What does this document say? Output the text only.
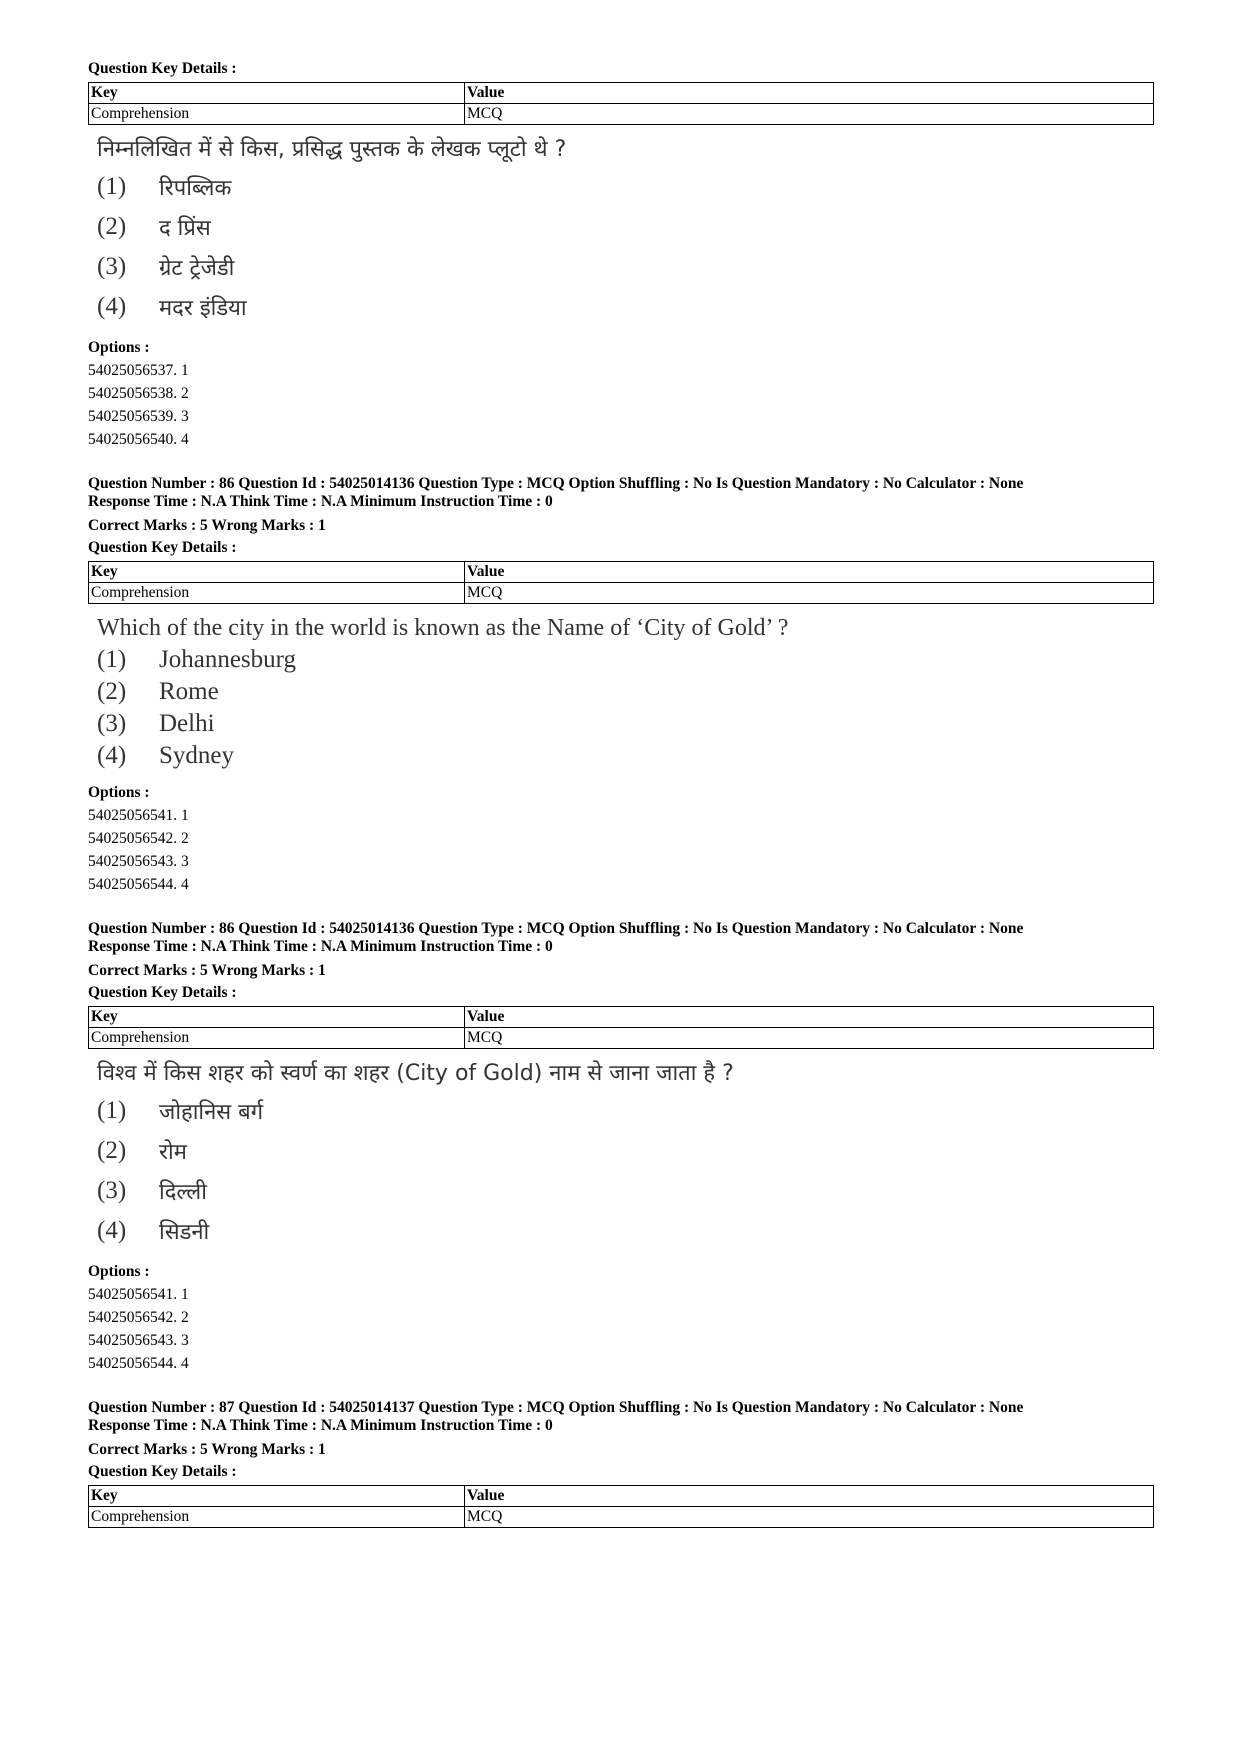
Question Key Details :

Key	Value
Comprehension	MCQ
निम्नलिखित में से किस, प्रसिद्ध पुस्तक के लेखक प्लूटो थे ?
(1)	रिपब्लिक
(2)	द प्रिंस
(3)	ग्रेट ट्रेजेडी
(4)	मदर इंडिया

Options :

54025056537. 1

54025056538. 2

54025056539. 3

54025056540. 4

Question Number : 86 Question Id : 54025014136 Question Type : MCQ Option Shuffling : No Is Question Mandatory : No Calculator : None

Response Time : N.A Think Time : N.A Minimum Instruction Time : 0

Correct Marks : 5 Wrong Marks : 1

Question Key Details :

Key	Value
Comprehension	MCQ
Which of the city in the world is known as the Name of ‘City of Gold’ ?
(1)	Johannesburg
(2)	Rome
(3)	Delhi
(4)	Sydney

Options :

54025056541. 1

54025056542. 2

54025056543. 3

54025056544. 4

Question Number : 86 Question Id : 54025014136 Question Type : MCQ Option Shuffling : No Is Question Mandatory : No Calculator : None

Response Time : N.A Think Time : N.A Minimum Instruction Time : 0

Correct Marks : 5 Wrong Marks : 1

Question Key Details :

Key	Value
Comprehension	MCQ
विश्व में किस शहर को स्वर्ण का शहर (City of Gold) नाम से जाना जाता है ?
(1)	जोहानिस बर्ग
(2)	रोम
(3)	दिल्ली
(4)	सिडनी

Options :

54025056541. 1

54025056542. 2

54025056543. 3

54025056544. 4

Question Number : 87 Question Id : 54025014137 Question Type : MCQ Option Shuffling : No Is Question Mandatory : No Calculator : None

Response Time : N.A Think Time : N.A Minimum Instruction Time : 0

Correct Marks : 5 Wrong Marks : 1

Question Key Details :

Key	Value
Comprehension	MCQ
